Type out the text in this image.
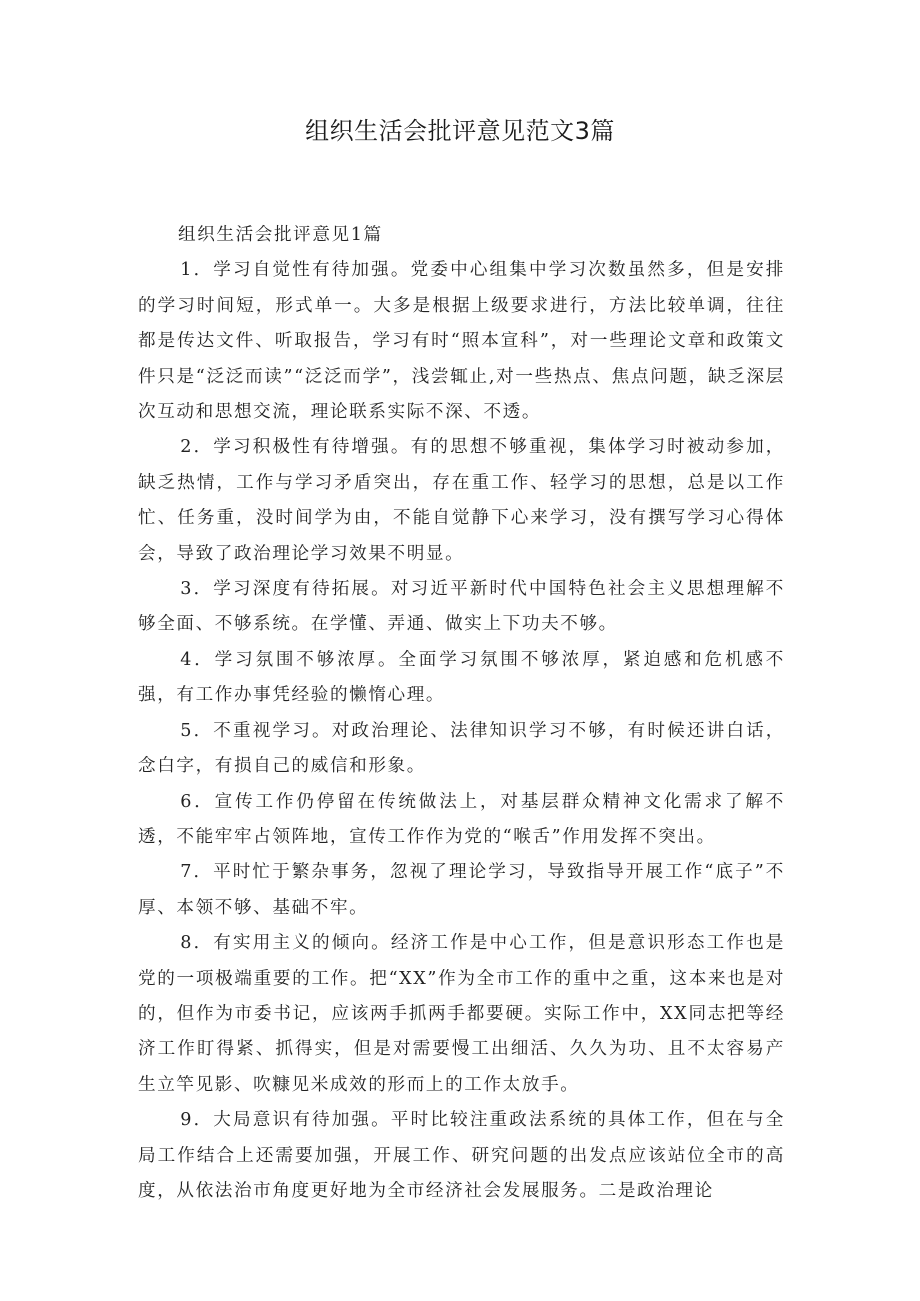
组织生活会批评意见范文3篇

组织生活会批评意见1篇

1．学习自觉性有待加强。党委中心组集中学习次数虽然多，但是安排的学习时间短，形式单一。大多是根据上级要求进行，方法比较单调，往往都是传达文件、听取报告，学习有时“照本宣科”，对一些理论文章和政策文件只是“泛泛而读”“泛泛而学”，浅尝辄止,对一些热点、焦点问题，缺乏深层次互动和思想交流，理论联系实际不深、不透。

2．学习积极性有待增强。有的思想不够重视，集体学习时被动参加，缺乏热情，工作与学习矛盾突出，存在重工作、轻学习的思想，总是以工作忙、任务重，没时间学为由，不能自觉静下心来学习，没有撰写学习心得体会，导致了政治理论学习效果不明显。

3．学习深度有待拓展。对习近平新时代中国特色社会主义思想理解不够全面、不够系统。在学懂、弄通、做实上下功夫不够。

4．学习氛围不够浓厚。全面学习氛围不够浓厚，紧迫感和危机感不强，有工作办事凭经验的懒惰心理。

5．不重视学习。对政治理论、法律知识学习不够，有时候还讲白话，念白字，有损自己的威信和形象。

6．宣传工作仍停留在传统做法上，对基层群众精神文化需求了解不透，不能牢牢占领阵地，宣传工作作为党的“喉舌”作用发挥不突出。

7．平时忙于繁杂事务，忽视了理论学习，导致指导开展工作“底子”不厚、本领不够、基础不牢。

8．有实用主义的倾向。经济工作是中心工作，但是意识形态工作也是党的一项极端重要的工作。把“XX”作为全市工作的重中之重，这本来也是对的，但作为市委书记，应该两手抓两手都要硬。实际工作中，XX同志把等经济工作盯得紧、抓得实，但是对需要慢工出细活、久久为功、且不太容易产生立竿见影、吹糠见米成效的形而上的工作太放手。

9．大局意识有待加强。平时比较注重政法系统的具体工作，但在与全局工作结合上还需要加强，开展工作、研究问题的出发点应该站位全市的高度，从依法治市角度更好地为全市经济社会发展服务。二是政治理论
